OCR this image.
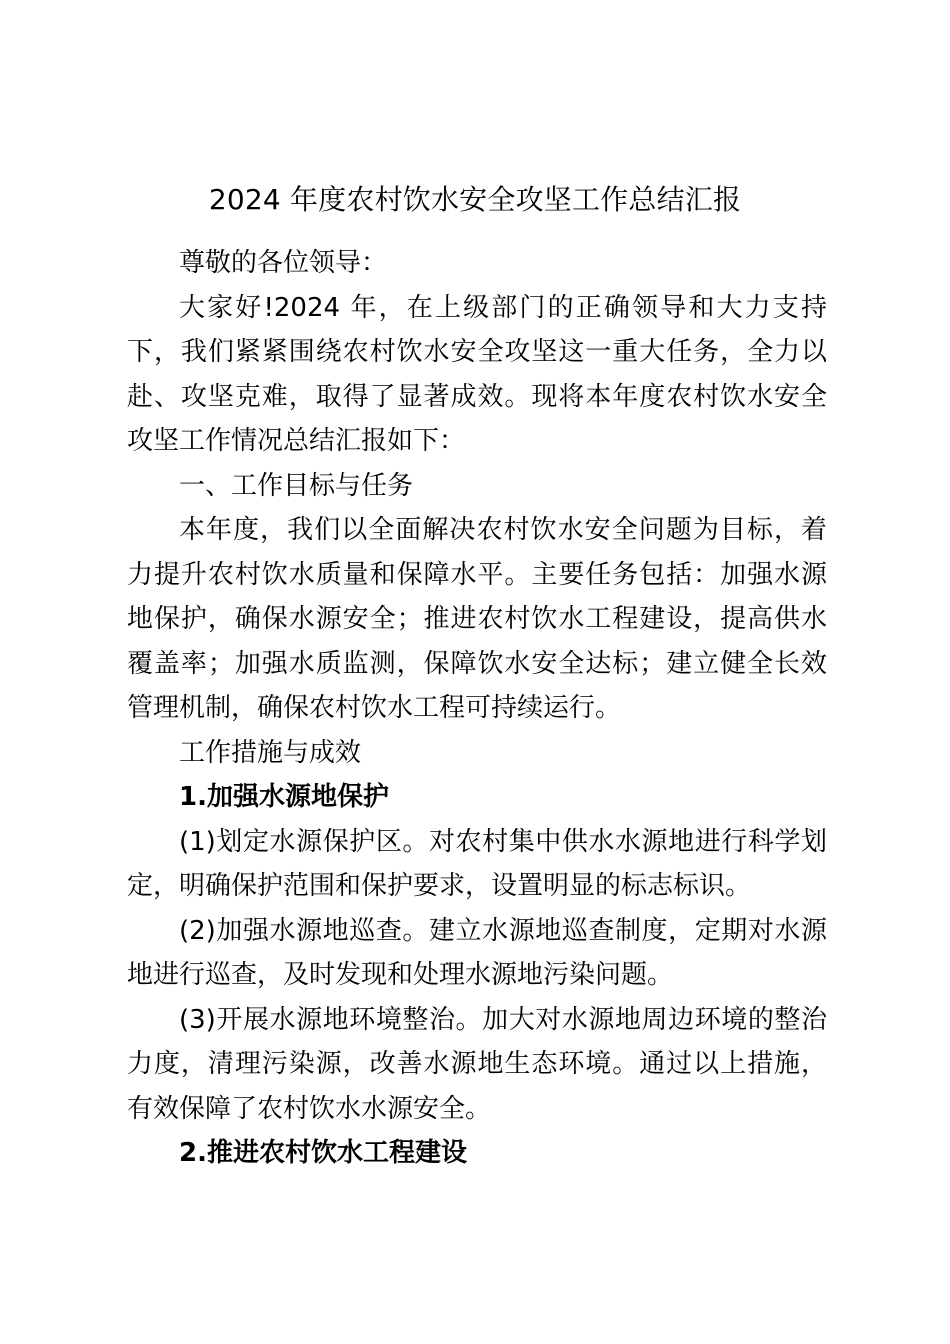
2024 年度农村饮水安全攻坚工作总结汇报

尊敬的各位领导：

大家好!2024 年，在上级部门的正确领导和大力支持下，我们紧紧围绕农村饮水安全攻坚这一重大任务，全力以赴、攻坚克难，取得了显著成效。现将本年度农村饮水安全攻坚工作情况总结汇报如下：

一、工作目标与任务

本年度，我们以全面解决农村饮水安全问题为目标，着力提升农村饮水质量和保障水平。主要任务包括：加强水源地保护，确保水源安全；推进农村饮水工程建设，提高供水覆盖率；加强水质监测，保障饮水安全达标；建立健全长效管理机制，确保农村饮水工程可持续运行。

工作措施与成效

1.加强水源地保护

(1)划定水源保护区。对农村集中供水水源地进行科学划定，明确保护范围和保护要求，设置明显的标志标识。

(2)加强水源地巡查。建立水源地巡查制度，定期对水源地进行巡查，及时发现和处理水源地污染问题。

(3)开展水源地环境整治。加大对水源地周边环境的整治力度，清理污染源，改善水源地生态环境。通过以上措施，有效保障了农村饮水水源安全。

2.推进农村饮水工程建设
